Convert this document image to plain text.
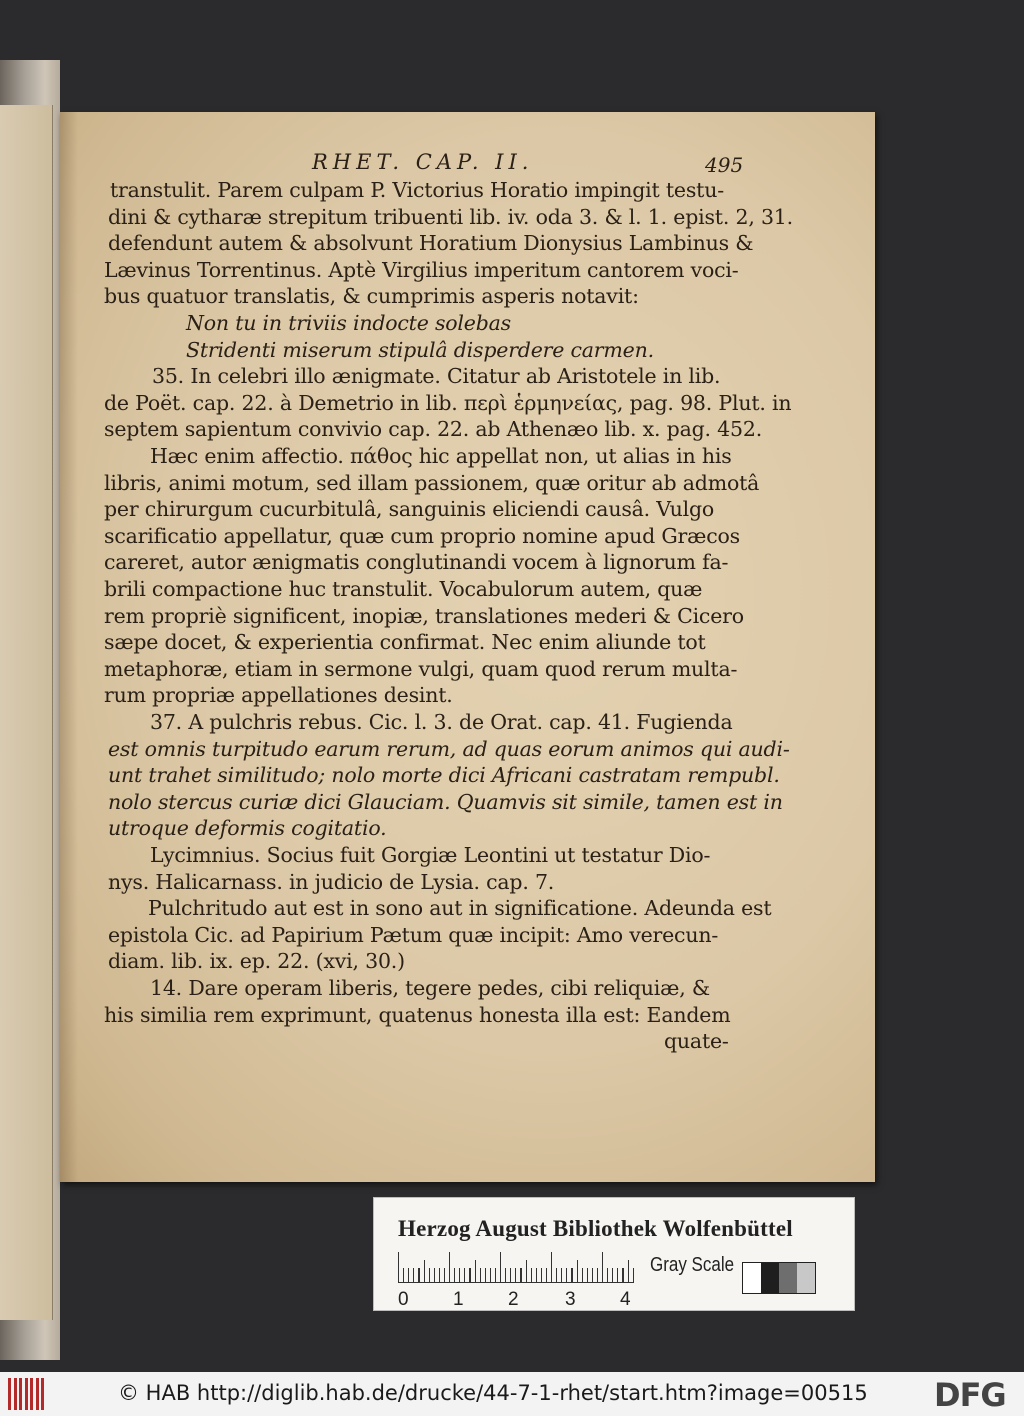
RHET. CAP. II.	495
transtulit. Parem culpam P. Victorius Horatio impingit testu-
dini & cytharæ strepitum tribuenti lib. iv. oda 3. & l. 1. epist. 2, 31.
defendunt autem & absolvunt Horatium Dionysius Lambinus &
Lævinus Torrentinus. Aptè Virgilius imperitum cantorem voci-
bus quatuor translatis, & cumprimis asperis notavit:
Non tu in triviis indocte solebas
Stridenti miserum stipulâ disperdere carmen.
35. In celebri illo ænigmate. Citatur ab Aristotele in lib.
de Poët. cap. 22. à Demetrio in lib. περὶ ἑρμηνείας, pag. 98. Plut. in
septem sapientum convivio cap. 22. ab Athenæo lib. x. pag. 452.
Hæc enim affectio. πάθος hic appellat non, ut alias in his
libris, animi motum, sed illam passionem, quæ oritur ab admotâ
per chirurgum cucurbitulâ, sanguinis eliciendi causâ. Vulgo
scarificatio appellatur, quæ cum proprio nomine apud Græcos
careret, autor ænigmatis conglutinandi vocem à lignorum fa-
brili compactione huc transtulit. Vocabulorum autem, quæ
rem propriè significent, inopiæ, translationes mederi & Cicero
sæpe docet, & experientia confirmat. Nec enim aliunde tot
metaphoræ, etiam in sermone vulgi, quam quod rerum multa-
rum propriæ appellationes desint.
37. A pulchris rebus. Cic. l. 3. de Orat. cap. 41. Fugienda
est omnis turpitudo earum rerum, ad quas eorum animos qui audi-
unt trahet similitudo; nolo morte dici Africani castratam rempubl.
nolo stercus curiæ dici Glauciam. Quamvis sit simile, tamen est in
utroque deformis cogitatio.
Lycimnius. Socius fuit Gorgiæ Leontini ut testatur Dio-
nys. Halicarnass. in judicio de Lysia. cap. 7.
Pulchritudo aut est in sono aut in significatione. Adeunda est
epistola Cic. ad Papirium Pætum quæ incipit: Amo verecun-
diam. lib. ix. ep. 22. (xvi, 30.)
14. Dare operam liberis, tegere pedes, cibi reliquiæ, &
his similia rem exprimunt, quatenus honesta illa est: Eandem
quate-
Herzog August Bibliothek Wolfenbüttel
0 1 2 3 4
Gray Scale
© HAB http://diglib.hab.de/drucke/44-7-1-rhet/start.htm?image=00515 DFG
